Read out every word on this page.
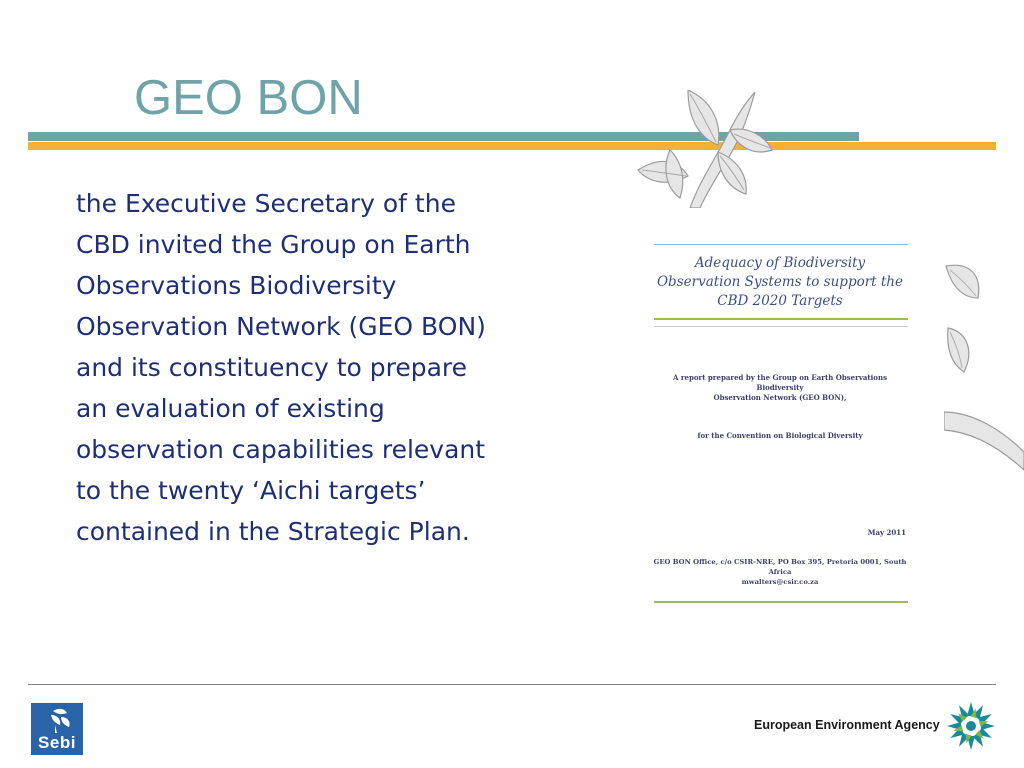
GEO BON
the Executive Secretary of the
CBD invited the Group on Earth
Observations Biodiversity
Observation Network (GEO BON)
and its constituency to prepare
an evaluation of existing
observation capabilities relevant
to the twenty ‘Aichi targets’
contained in the Strategic Plan.
Adequacy of Biodiversity
Observation Systems to support the
CBD 2020 Targets
A report prepared by the Group on Earth Observations Biodiversity
Observation Network (GEO BON),
for the Convention on Biological Diversity
May 2011
GEO BON Office, c/o CSIR-NRE, PO Box 395, Pretoria 0001, South
Africa
mwalters@csir.co.za
Sebi
European Environment Agency
